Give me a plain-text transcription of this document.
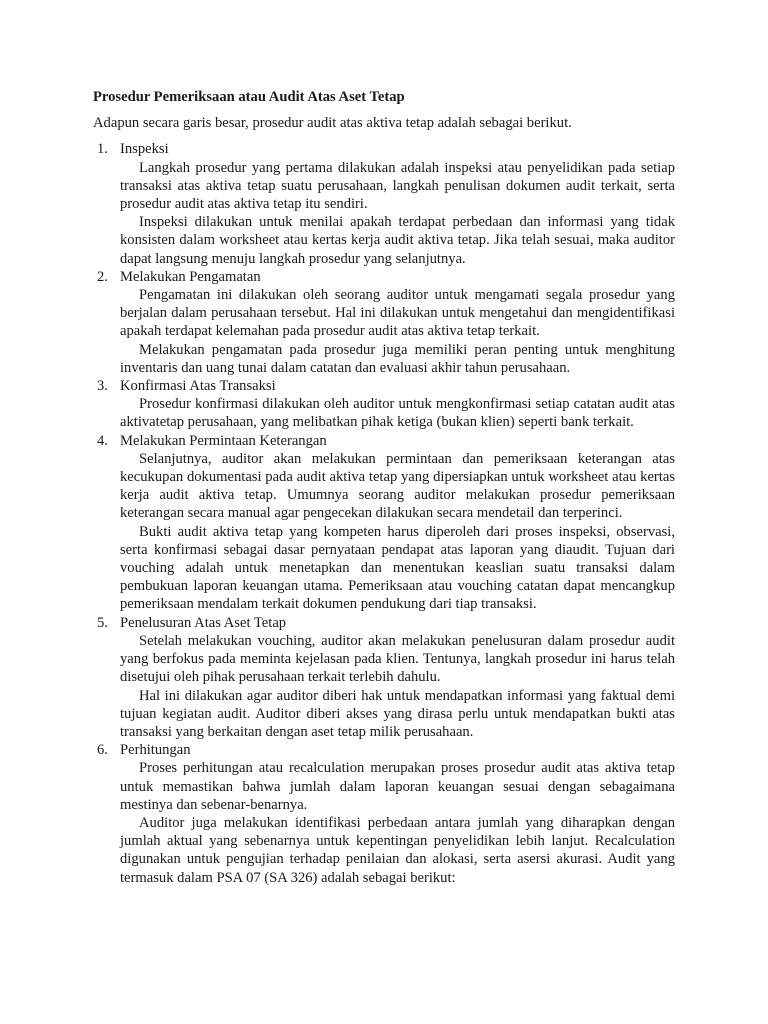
Prosedur Pemeriksaan atau Audit Atas Aset Tetap
Adapun secara garis besar, prosedur audit atas aktiva tetap adalah sebagai berikut.
1. Inspeksi

Langkah prosedur yang pertama dilakukan adalah inspeksi atau penyelidikan pada setiap transaksi atas aktiva tetap suatu perusahaan, langkah penulisan dokumen audit terkait, serta prosedur audit atas aktiva tetap itu sendiri.

Inspeksi dilakukan untuk menilai apakah terdapat perbedaan dan informasi yang tidak konsisten dalam worksheet atau kertas kerja audit aktiva tetap. Jika telah sesuai, maka auditor dapat langsung menuju langkah prosedur yang selanjutnya.

2. Melakukan Pengamatan

Pengamatan ini dilakukan oleh seorang auditor untuk mengamati segala prosedur yang berjalan dalam perusahaan tersebut. Hal ini dilakukan untuk mengetahui dan mengidentifikasi apakah terdapat kelemahan pada prosedur audit atas aktiva tetap terkait.

Melakukan pengamatan pada prosedur juga memiliki peran penting untuk menghitung inventaris dan uang tunai dalam catatan dan evaluasi akhir tahun perusahaan.

3. Konfirmasi Atas Transaksi

Prosedur konfirmasi dilakukan oleh auditor untuk mengkonfirmasi setiap catatan audit atas aktivatetap perusahaan, yang melibatkan pihak ketiga (bukan klien) seperti bank terkait.

4. Melakukan Permintaan Keterangan

Selanjutnya, auditor akan melakukan permintaan dan pemeriksaan keterangan atas kecukupan dokumentasi pada audit aktiva tetap yang dipersiapkan untuk worksheet atau kertas kerja audit aktiva tetap. Umumnya seorang auditor melakukan prosedur pemeriksaan keterangan secara manual agar pengecekan dilakukan secara mendetail dan terperinci.

Bukti audit aktiva tetap yang kompeten harus diperoleh dari proses inspeksi, observasi, serta konfirmasi sebagai dasar pernyataan pendapat atas laporan yang diaudit. Tujuan dari vouching adalah untuk menetapkan dan menentukan keaslian suatu transaksi dalam pembukuan laporan keuangan utama. Pemeriksaan atau vouching catatan dapat mencangkup pemeriksaan mendalam terkait dokumen pendukung dari tiap transaksi.

5. Penelusuran Atas Aset Tetap

Setelah melakukan vouching, auditor akan melakukan penelusuran dalam prosedur audit yang berfokus pada meminta kejelasan pada klien. Tentunya, langkah prosedur ini harus telah disetujui oleh pihak perusahaan terkait terlebih dahulu.

Hal ini dilakukan agar auditor diberi hak untuk mendapatkan informasi yang faktual demi tujuan kegiatan audit. Auditor diberi akses yang dirasa perlu untuk mendapatkan bukti atas transaksi yang berkaitan dengan aset tetap milik perusahaan.

6. Perhitungan

Proses perhitungan atau recalculation merupakan proses prosedur audit atas aktiva tetap untuk memastikan bahwa jumlah dalam laporan keuangan sesuai dengan sebagaimana mestinya dan sebenar-benarnya.

Auditor juga melakukan identifikasi perbedaan antara jumlah yang diharapkan dengan jumlah aktual yang sebenarnya untuk kepentingan penyelidikan lebih lanjut. Recalculation digunakan untuk pengujian terhadap penilaian dan alokasi, serta asersi akurasi. Audit yang termasuk dalam PSA 07 (SA 326) adalah sebagai berikut:
